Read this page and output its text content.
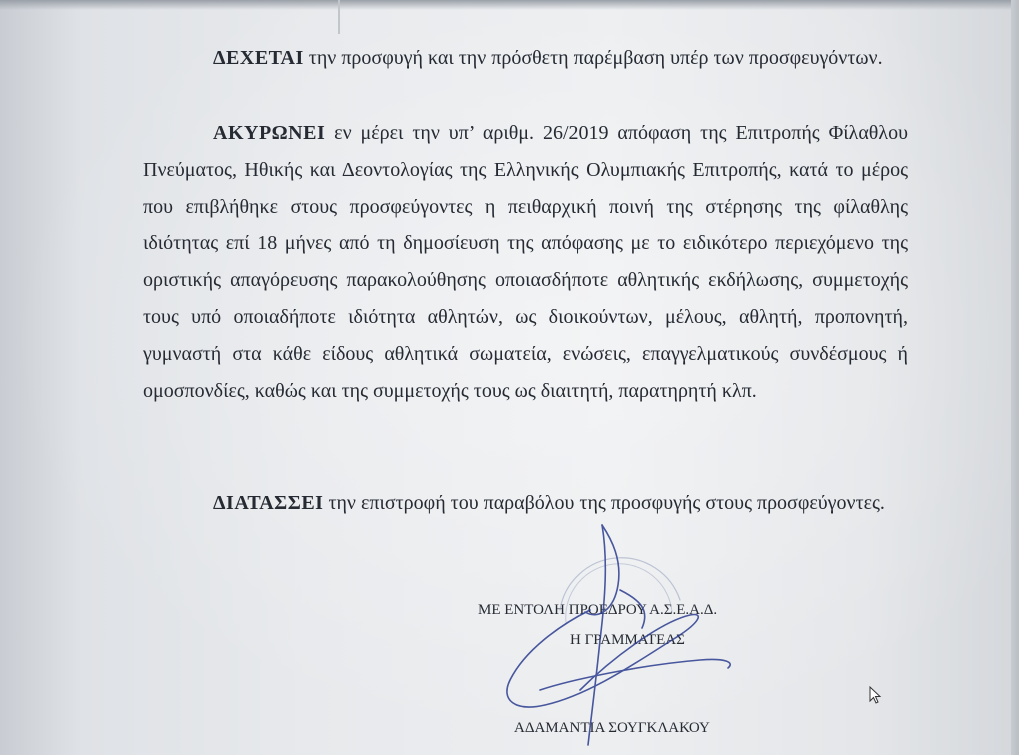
ΔΕΧΕΤΑΙ την προσφυγή και την πρόσθετη παρέμβαση υπέρ των προσφευγόντων.

ΑΚΥΡΩΝΕΙ εν μέρει την υπ’ αριθμ. 26/2019 απόφαση της Επιτροπής Φίλαθλου Πνεύματος, Ηθικής και Δεοντολογίας της Ελληνικής Ολυμπιακής Επιτροπής, κατά το μέρος που επιβλήθηκε στους προσφεύγοντες η πειθαρχική ποινή της στέρησης της φίλαθλης ιδιότητας επί 18 μήνες από τη δημοσίευση της απόφασης με το ειδικότερο περιεχόμενο της οριστικής απαγόρευσης παρακολούθησης οποιασδήποτε αθλητικής εκδήλωσης, συμμετοχής τους υπό οποιαδήποτε ιδιότητα αθλητών, ως διοικούντων, μέλους, αθλητή, προπονητή, γυμναστή στα κάθε είδους αθλητικά σωματεία, ενώσεις, επαγγελματικούς συνδέσμους ή ομοσπονδίες, καθώς και της συμμετοχής τους ως διαιτητή, παρατηρητή κλπ.

ΔΙΑΤΑΣΣΕΙ την επιστροφή του παραβόλου της προσφυγής στους προσφεύγοντες.

ΜΕ ΕΝΤΟΛΗ ΠΡΟΕΔΡΟΥ Α.Σ.Ε.Α.Δ.

Η ΓΡΑΜΜΑΤΕΑΣ

ΑΔΑΜΑΝΤΙΑ ΣΟΥΓΚΛΑΚΟΥ
